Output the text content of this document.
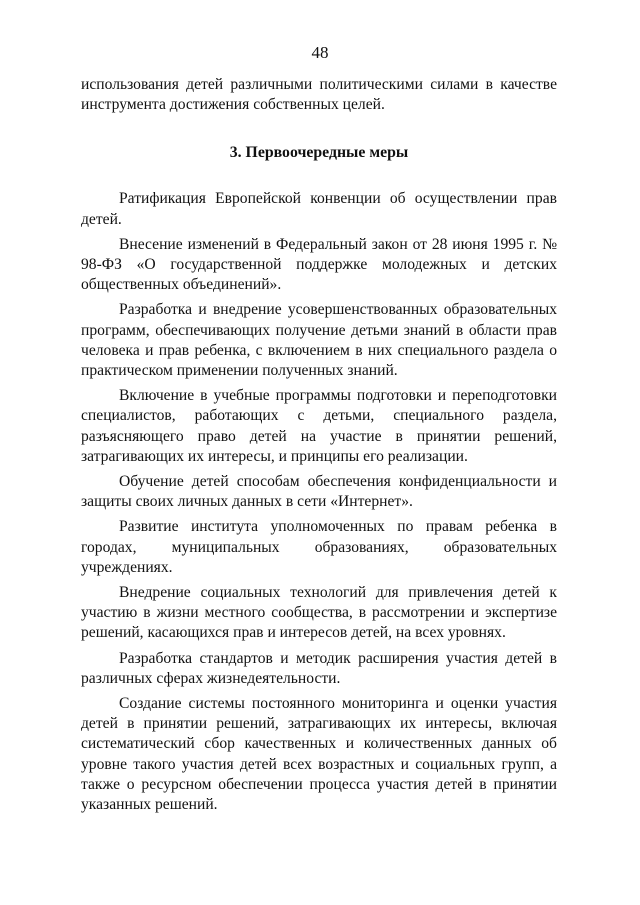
48

использования детей различными политическими силами в качестве инструмента достижения собственных целей.

3. Первоочередные меры

Ратификация Европейской конвенции об осуществлении прав детей.

Внесение изменений в Федеральный закон от 28 июня 1995 г. № 98-ФЗ «О государственной поддержке молодежных и детских общественных объединений».

Разработка и внедрение усовершенствованных образовательных программ, обеспечивающих получение детьми знаний в области прав человека и прав ребенка, с включением в них специального раздела о практическом применении полученных знаний.

Включение в учебные программы подготовки и переподготовки специалистов, работающих с детьми, специального раздела, разъясняющего право детей на участие в принятии решений, затрагивающих их интересы, и принципы его реализации.

Обучение детей способам обеспечения конфиденциальности и защиты своих личных данных в сети «Интернет».

Развитие института уполномоченных по правам ребенка в городах, муниципальных образованиях, образовательных учреждениях.

Внедрение социальных технологий для привлечения детей к участию в жизни местного сообщества, в рассмотрении и экспертизе решений, касающихся прав и интересов детей, на всех уровнях.

Разработка стандартов и методик расширения участия детей в различных сферах жизнедеятельности.

Создание системы постоянного мониторинга и оценки участия детей в принятии решений, затрагивающих их интересы, включая систематический сбор качественных и количественных данных об уровне такого участия детей всех возрастных и социальных групп, а также о ресурсном обеспечении процесса участия детей в принятии указанных решений.
